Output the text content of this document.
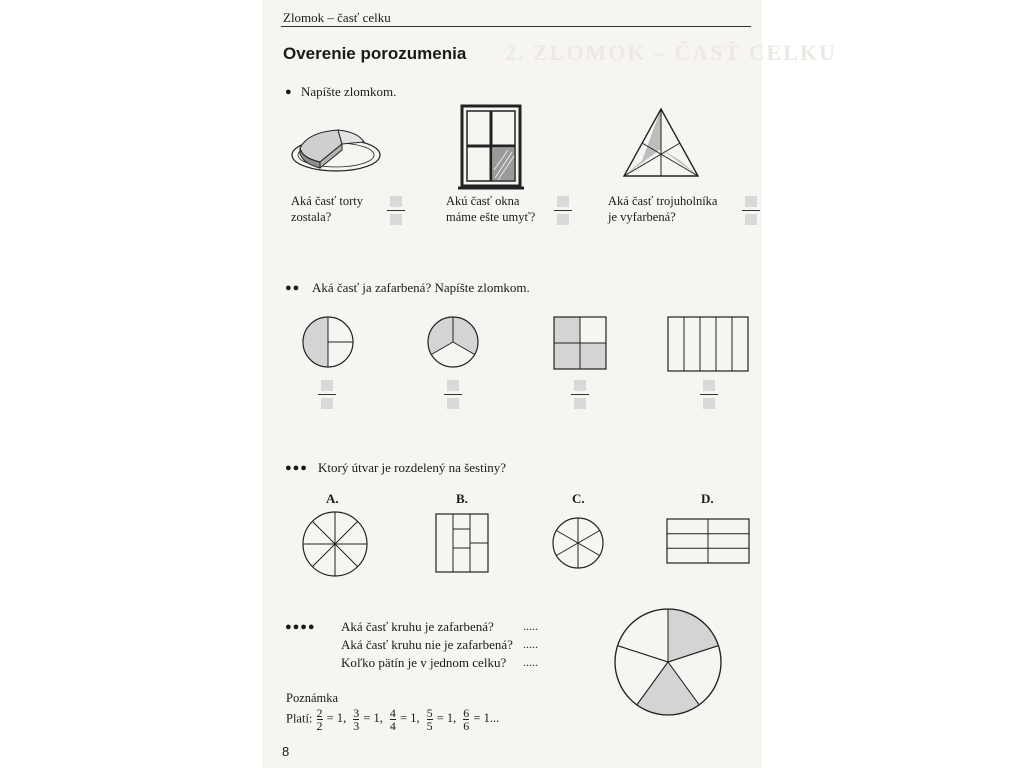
2. ZLOMOK – ČASŤ CELKU
Zlomok – časť celku
Overenie porozumenia
● Napíšte zlomkom.
Aká časť torty
zostala?
Akú časť okna
máme ešte umyť?
Aká časť trojuholníka
je vyfarbená?
●● Aká časť ja zafarbená? Napíšte zlomkom.
●●● Ktorý útvar je rozdelený na šestiny?
A.	B.	C.	D.
●●●● Aká časť kruhu je zafarbená?
Aká časť kruhu nie je zafarbená?
Koľko pätín je v jednom celku?
.....
.....
.....
Poznámka
Platí: $\frac{2}{2} = 1$, $\frac{3}{3} = 1$, $\frac{4}{4} = 1$, $\frac{5}{5} = 1$, $\frac{6}{6} = 1$...
8
